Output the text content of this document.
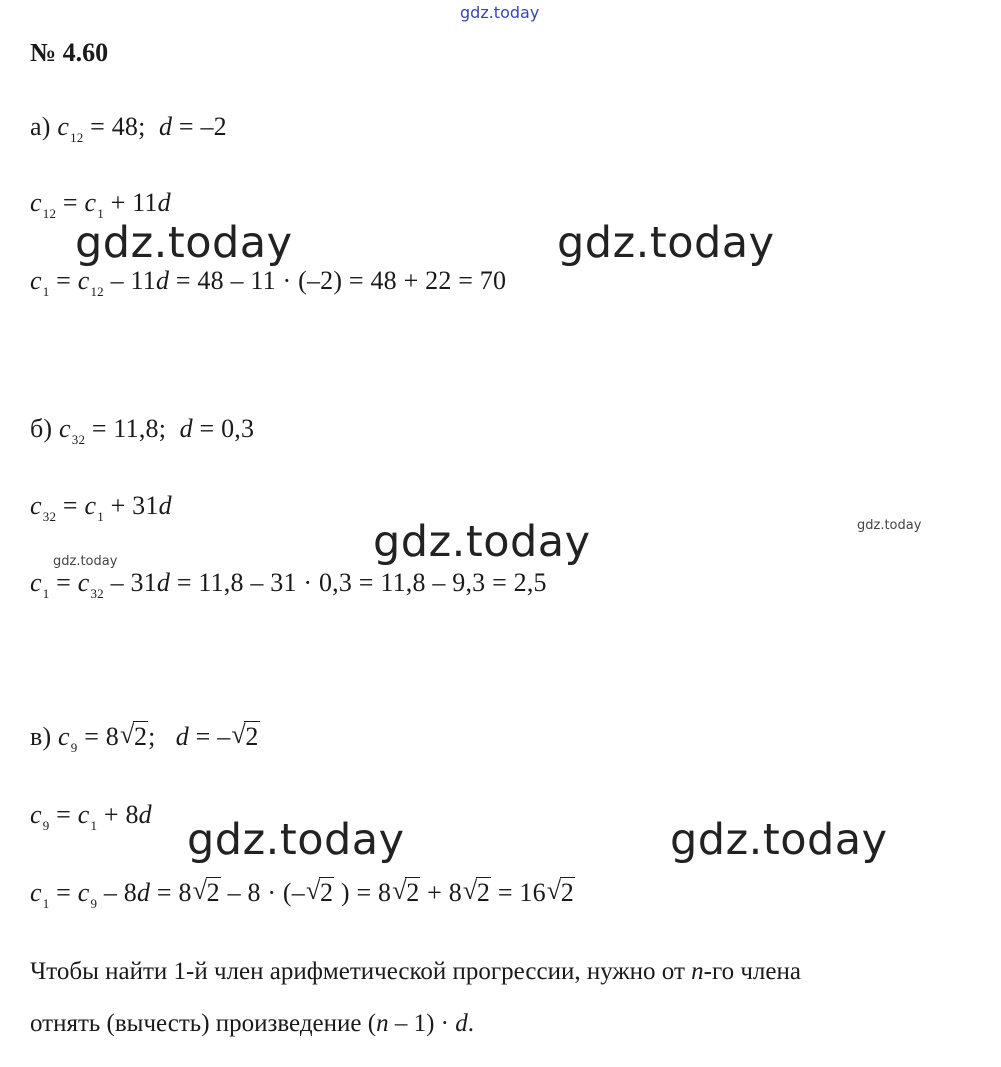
gdz.today
№ 4.60
а) $c_{12} = 48$; d = –2
$c_{12} = c_1 + 11d$
gdz.today	gdz.today
$c_1 = c_{12} - 11d = 48 - 11 \cdot (-2) = 48 + 22 = 70$
б) $c_{32} = 11,8$; d = 0,3
$c_{32} = c_1 + 31d$
gdz.today
gdz.today
gdz.today
$c_1 = c_{32} - 31d = 11,8 - 31 \cdot 0,3 = 11,8 - 9,3 = 2,5$
в) $c_9 = 8$ √ 2; d = – √ 2
$c_9 = c_1 + 8d$
gdz.today	gdz.today
$c_1 = c_9 - 8d = 8$ √ 2 – 8 · (– √ 2 ) = 8 √ 2 + 8 √ 2 = 16 √ 2
Чтобы найти 1-й член арифметической прогрессии, нужно от n-го члена
отнять (вычесть) произведение (n – 1) · d.
